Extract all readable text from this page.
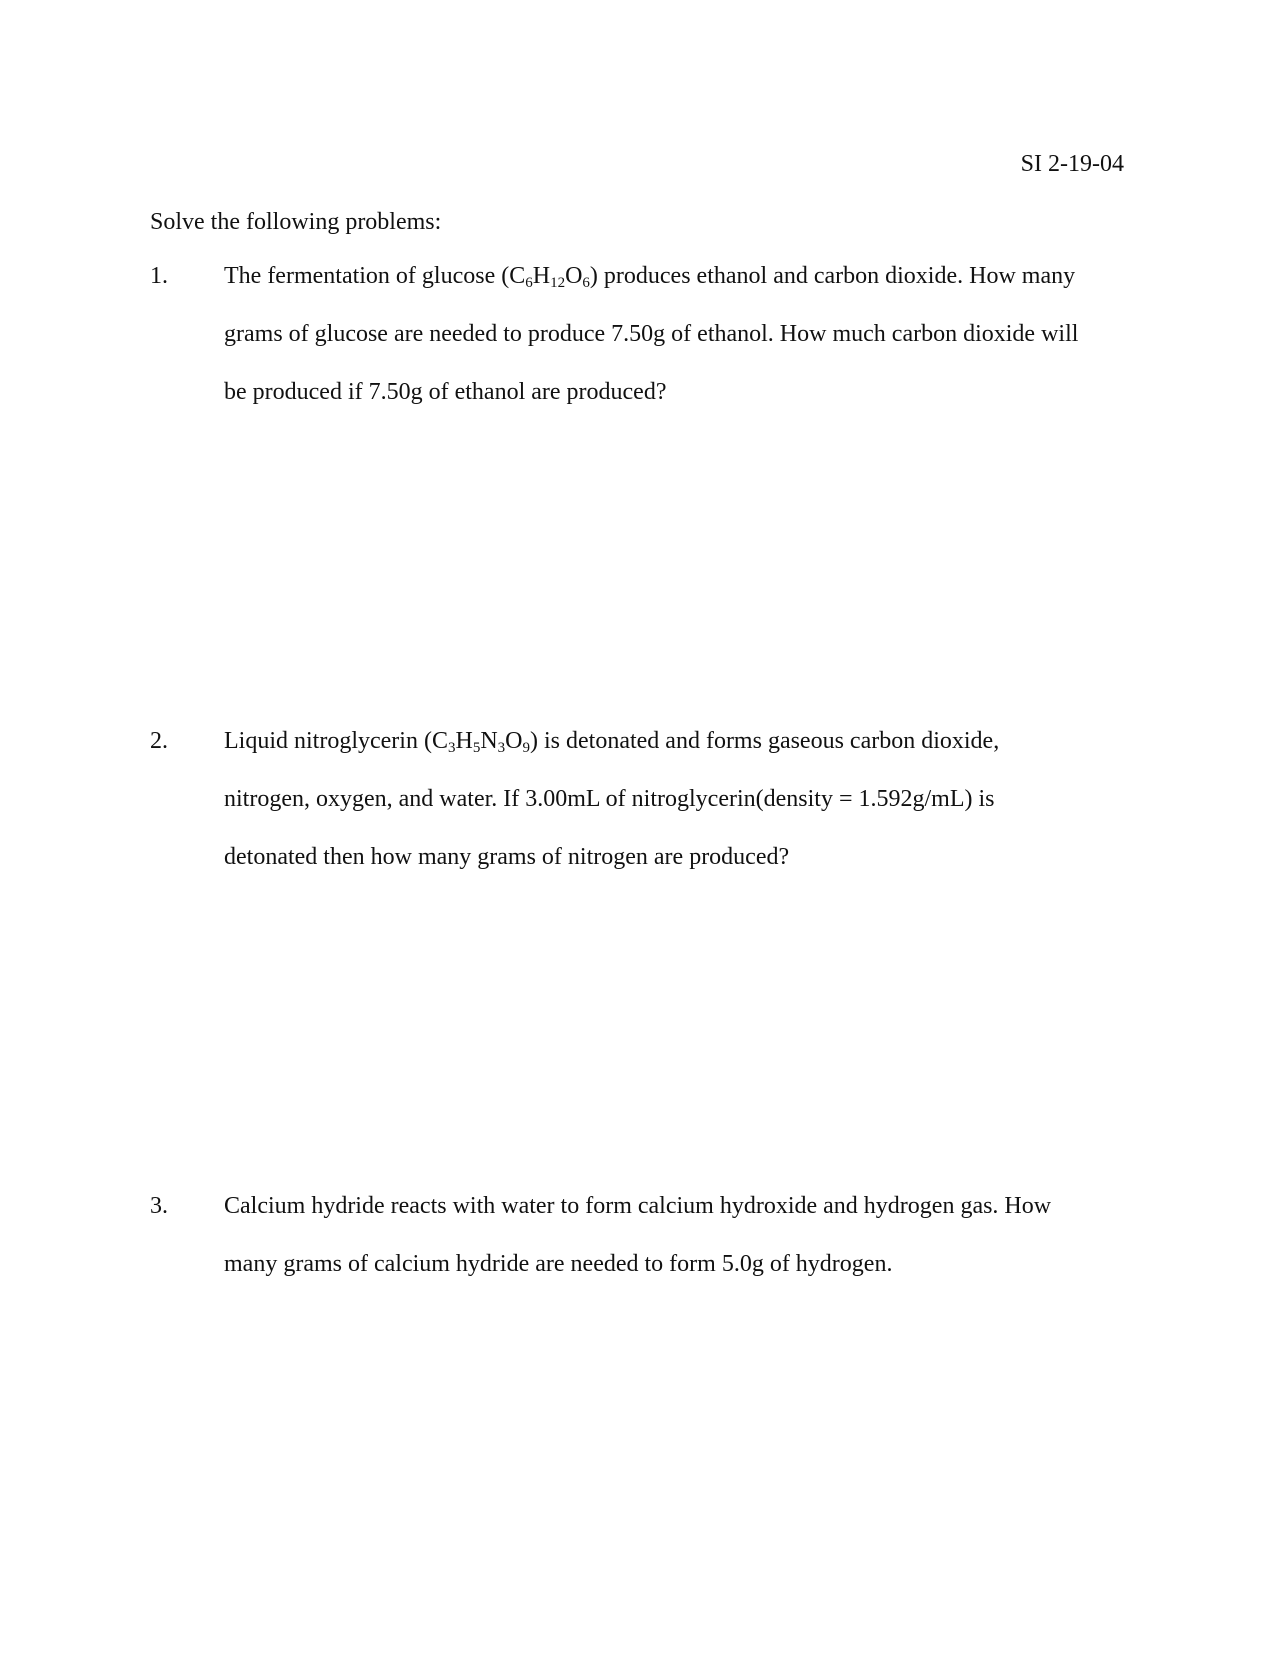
SI 2-19-04
Solve the following problems:
1.	The fermentation of glucose $(C_6H_{12}O_6)$ produces ethanol and carbon dioxide. How many
grams of glucose are needed to produce 7.50g of ethanol. How much carbon dioxide will
be produced if 7.50g of ethanol are produced?
2.	Liquid nitroglycerin $(C_3H_5N_3O_9)$ is detonated and forms gaseous carbon dioxide,
nitrogen, oxygen, and water. If 3.00mL of nitroglycerin(density = 1.592g/mL) is
detonated then how many grams of nitrogen are produced?
3.	Calcium hydride reacts with water to form calcium hydroxide and hydrogen gas. How
many grams of calcium hydride are needed to form 5.0g of hydrogen.
